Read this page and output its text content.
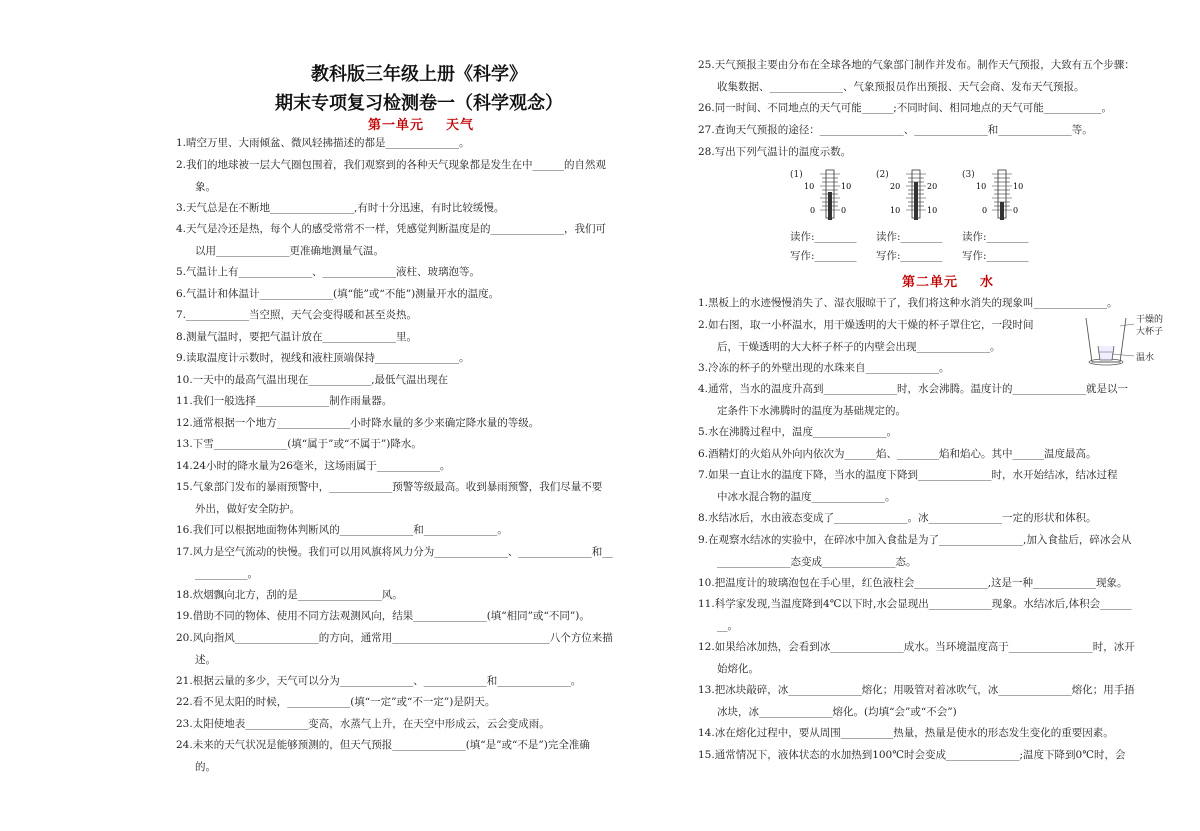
教科版三年级上册《科学》
期末专项复习检测卷一（科学观念）
第一单元 天气
1.晴空万里、大雨倾盆、微风轻拂描述的都是______________。
2.我们的地球被一层大气圈包围着，我们观察到的各种天气现象都是发生在中______的自然观
象。
3.天气总是在不断地________________,有时十分迅速，有时比较缓慢。
4.天气是冷还是热，每个人的感受常常不一样，凭感觉判断温度是的______________，我们可
以用______________更准确地测量气温。
5.气温计上有______________、______________液柱、玻璃泡等。
6.气温计和体温计______________(填“能”或“不能”)测量开水的温度。
7.____________当空照，天气会变得暖和甚至炎热。
8.测量气温时，要把气温计放在______________里。
9.读取温度计示数时，视线和液柱顶端保持________________。
10.一天中的最高气温出现在____________,最低气温出现在
11.我们一般选择______________制作雨量器。
12.通常根据一个地方______________小时降水量的多少来确定降水量的等级。
13.下雪______________(填“属于”或“不属于”)降水。
14.24小时的降水量为26毫米，这场雨属于____________。
15.气象部门发布的暴雨预警中，____________预警等级最高。收到暴雨预警，我们尽量不要
外出，做好安全防护。
16.我们可以根据地面物体判断风的______________和______________。
17.风力是空气流动的快慢。我们可以用风旗将风力分为______________、______________和__
__________。
18.炊烟飘向北方，刮的是________________风。
19.借助不同的物体、使用不同方法观测风向，结果______________(填“相同”或“不同”)。
20.风向指风________________的方向，通常用______________________________八个方位来描
述。
21.根据云量的多少，天气可以分为______________、____________和______________。
22.看不见太阳的时候，____________(填“一定”或“不一定”)是阴天。
23.太阳使地表____________变高，水蒸气上升，在天空中形成云，云会变成雨。
24.未来的天气状况是能够预测的，但天气预报______________(填“是”或“不是”)完全准确
的。
25.天气预报主要由分布在全球各地的气象部门制作并发布。制作天气预报，大致有五个步骤：
收集数据、______________、气象预报员作出预报、天气会商、发布天气预报。
26.同一时间、不同地点的天气可能______;不同时间、相同地点的天气可能___________。
27.查询天气预报的途径：________________、______________和______________等。
28.写出下列气温计的温度示数。
(1)
10	10
0	0
(2)
20	20
10	10
(3)
10	10
0	0
读作:________ 读作:________ 读作:________
写作:________ 写作:________ 写作:________
第二单元 水
干燥的
大杯子
温水
1.黑板上的水迹慢慢消失了、湿衣服晾干了，我们将这种水消失的现象叫______________。
2.如右图，取一小杯温水，用干燥透明的大干燥的杯子罩住它，一段时间
后，干燥透明的大大杯子杯子的内壁会出现______________。
3.冷冻的杯子的外壁出现的水珠来自______________。
4.通常，当水的温度升高到______________时，水会沸腾。温度计的______________就是以一
定条件下水沸腾时的温度为基础规定的。
5.水在沸腾过程中，温度______________。
6.酒精灯的火焰从外向内依次为______焰、________焰和焰心。其中______温度最高。
7.如果一直让水的温度下降，当水的温度下降到______________时，水开始结冰，结冰过程
中冰水混合物的温度______________。
8.水结冰后，水由液态变成了______________。冰______________一定的形状和体积。
9.在观察水结冰的实验中，在碎冰中加入食盐是为了________________,加入食盐后，碎冰会从
______________态变成______________态。
10.把温度计的玻璃泡包在手心里，红色液柱会______________,这是一种____________现象。
11.科学家发现,当温度降到4℃以下时,水会显现出____________现象。水结冰后,体积会______
__。
12.如果给冰加热，会看到冰______________成水。当环境温度高于________________时，冰开
始熔化。
13.把冰块敲碎，冰______________熔化；用吸管对着冰吹气，冰______________熔化；用手捂
冰块，冰______________熔化。(均填“会”或“不会”)
14.冰在熔化过程中，要从周围__________热量，热量是使水的形态发生变化的重要因素。
15.通常情况下，液体状态的水加热到100℃时会变成______________;温度下降到0℃时，会
